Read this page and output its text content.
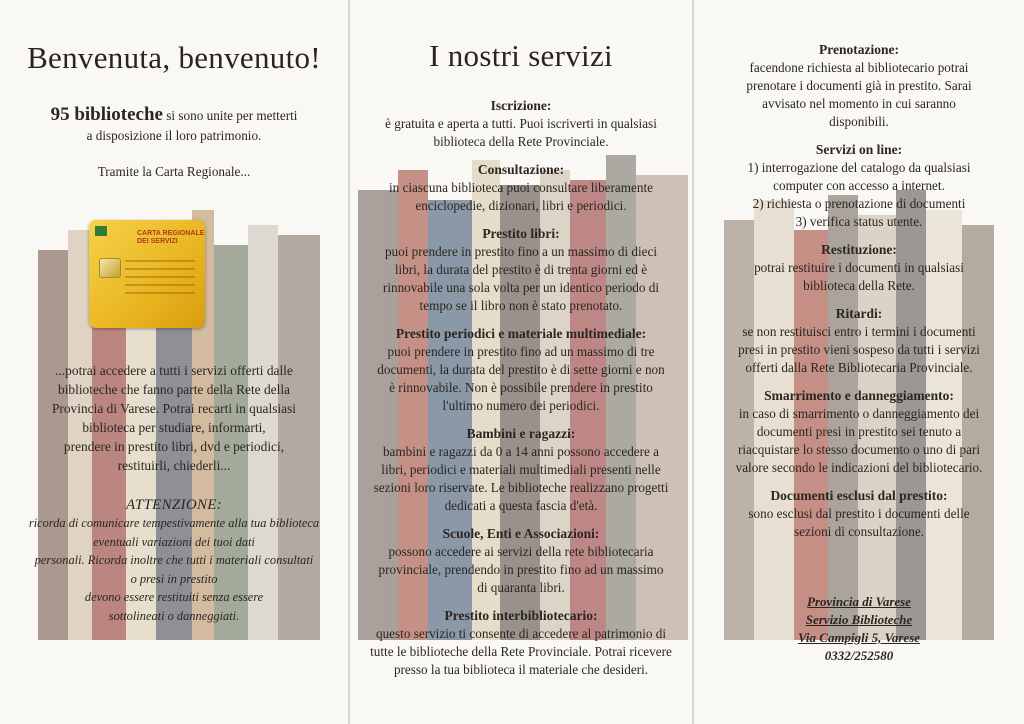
CARTA REGIONALE
DEI SERVIZI
Benvenuta, benvenuto!
95 biblioteche si sono unite per metterti
a disposizione il loro patrimonio.
Tramite la Carta Regionale...
...potrai accedere a tutti i servizi offerti dalle
biblioteche che fanno parte della Rete della
Provincia di Varese. Potrai recarti in qualsiasi
biblioteca per studiare, informarti,
prendere in prestito libri, dvd e periodici,
restituirli, chiederli...
ATTENZIONE:
ricorda di comunicare tempestivamente alla tua biblioteca
eventuali variazioni dei tuoi dati
personali. Ricorda inoltre che tutti i materiali consultati
o presi in prestito
devono essere restituiti senza essere
sottolineati o danneggiati.
I nostri servizi
Iscrizione:
è gratuita e aperta a tutti. Puoi iscriverti in qualsiasi
biblioteca della Rete Provinciale.
Consultazione:
in ciascuna biblioteca puoi consultare liberamente
enciclopedie, dizionari, libri e periodici.
Prestito libri:
puoi prendere in prestito fino a un massimo di dieci
libri, la durata del prestito è di trenta giorni ed è
rinnovabile una sola volta per un identico periodo di
tempo se il libro non è stato prenotato.
Prestito periodici e materiale multimediale:
puoi prendere in prestito fino ad un massimo di tre
documenti, la durata del prestito è di sette giorni e non
è rinnovabile. Non è possibile prendere in prestito
l'ultimo numero dei periodici.
Bambini e ragazzi:
bambini e ragazzi da 0 a 14 anni possono accedere a
libri, periodici e materiali multimediali presenti nelle
sezioni loro riservate. Le biblioteche realizzano progetti
dedicati a questa fascia d'età.
Scuole, Enti e Associazioni:
possono accedere ai servizi della rete bibliotecaria
provinciale, prendendo in prestito fino ad un massimo
di quaranta libri.
Prestito interbibliotecario:
questo servizio ti consente di accedere al patrimonio di
tutte le biblioteche della Rete Provinciale. Potrai ricevere
presso la tua biblioteca il materiale che desideri.
Prenotazione:
facendone richiesta al bibliotecario potrai
prenotare i documenti già in prestito. Sarai
avvisato nel momento in cui saranno
disponibili.
Servizi on line:
1) interrogazione del catalogo da qualsiasi
computer con accesso a internet.
2) richiesta o prenotazione di documenti
3) verifica status utente.
Restituzione:
potrai restituire i documenti in qualsiasi
biblioteca della Rete.
Ritardi:
se non restituisci entro i termini i documenti
presi in prestito vieni sospeso da tutti i servizi
offerti dalla Rete Bibliotecaria Provinciale.
Smarrimento e danneggiamento:
in caso di smarrimento o danneggiamento dei
documenti presi in prestito sei tenuto a
riacquistare lo stesso documento o uno di pari
valore secondo le indicazioni del bibliotecario.
Documenti esclusi dal prestito:
sono esclusi dal prestito i documenti delle
sezioni di consultazione.
Provincia di Varese
Servizio Biblioteche
Via Campigli 5, Varese
0332/252580
